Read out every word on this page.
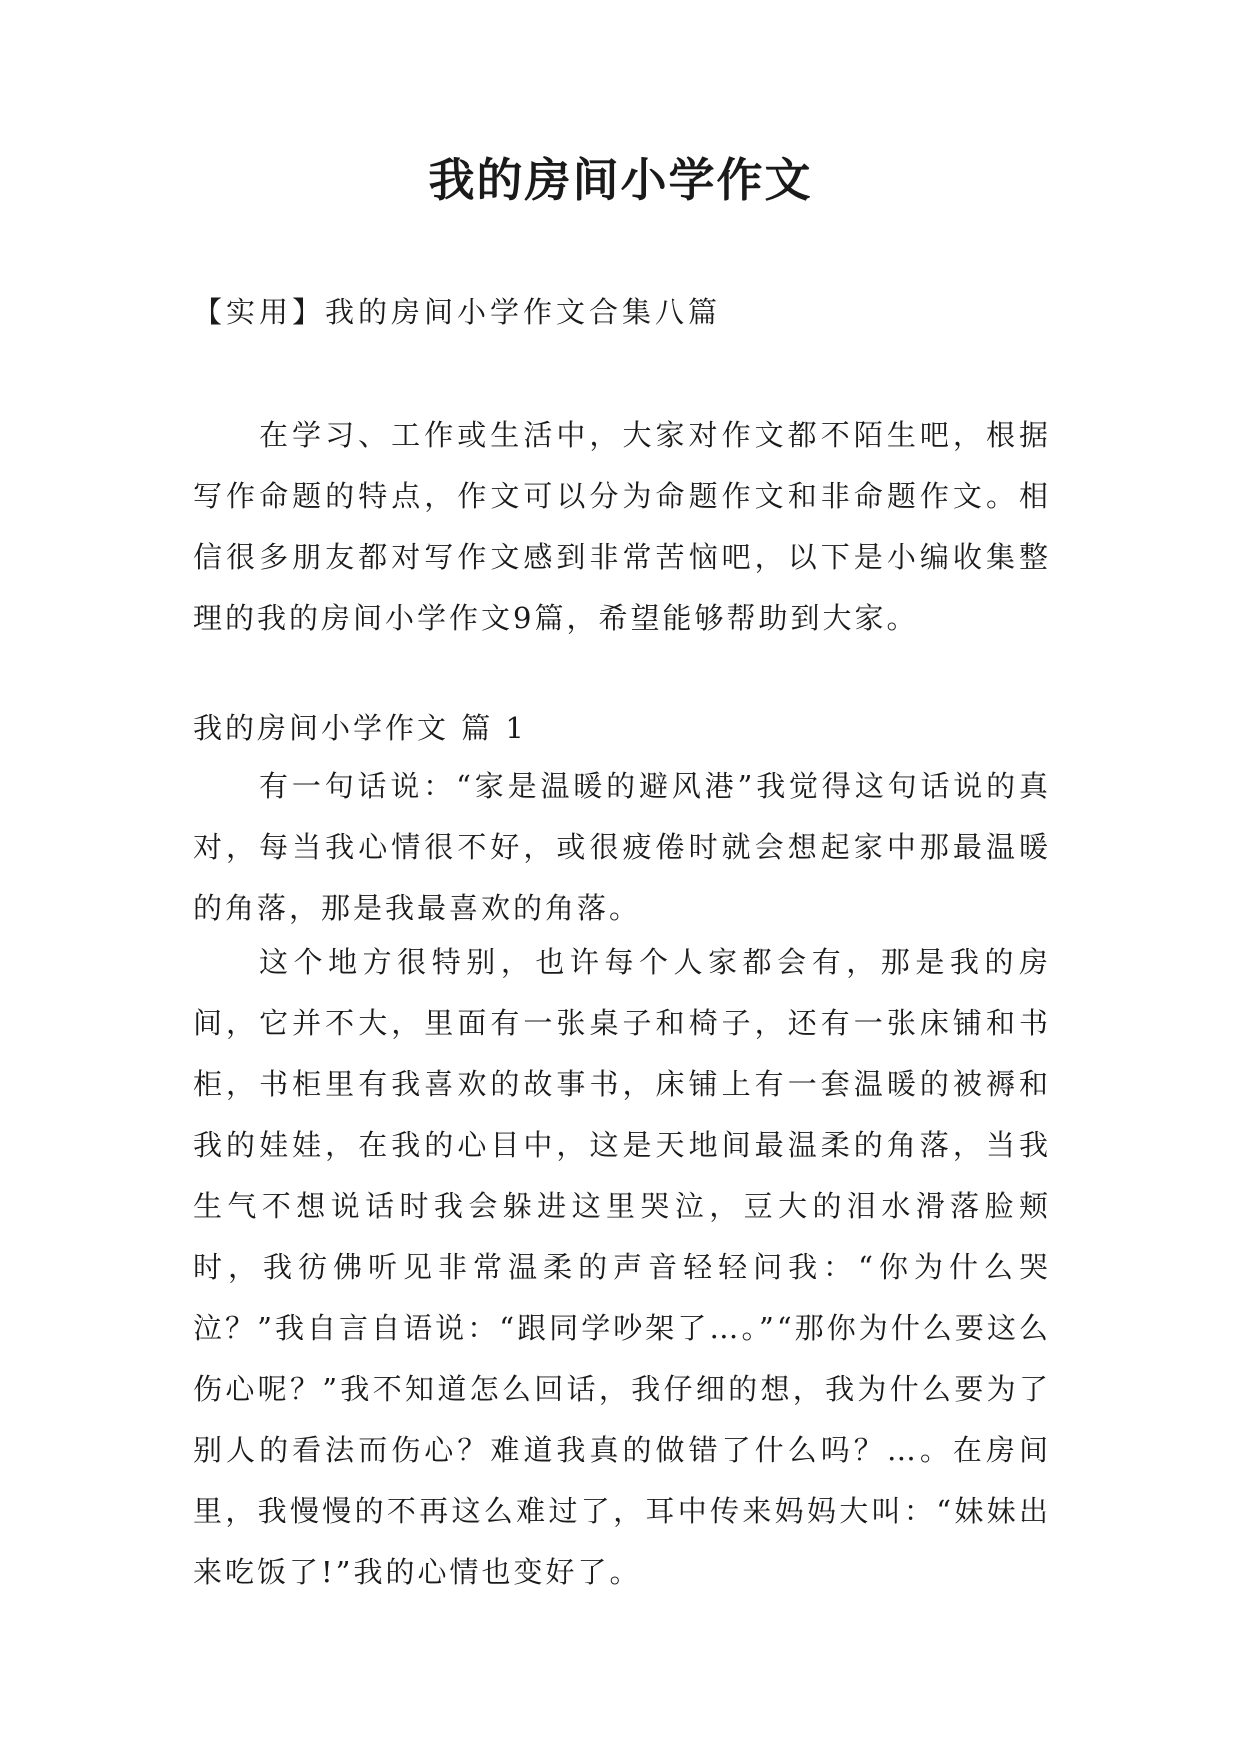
我的房间小学作文

【实用】我的房间小学作文合集八篇

在学习、工作或生活中，大家对作文都不陌生吧，根据写作命题的特点，作文可以分为命题作文和非命题作文。相信很多朋友都对写作文感到非常苦恼吧，以下是小编收集整理的我的房间小学作文9篇，希望能够帮助到大家。

我的房间小学作文 篇 1

有一句话说：“家是温暖的避风港”我觉得这句话说的真对，每当我心情很不好，或很疲倦时就会想起家中那最温暖的角落，那是我最喜欢的角落。

这个地方很特别，也许每个人家都会有，那是我的房间，它并不大，里面有一张桌子和椅子，还有一张床铺和书柜，书柜里有我喜欢的故事书，床铺上有一套温暖的被褥和我的娃娃，在我的心目中，这是天地间最温柔的角落，当我生气不想说话时我会躲进这里哭泣，豆大的泪水滑落脸颊时，我彷佛听见非常温柔的声音轻轻问我：“你为什么哭泣？”我自言自语说：“跟同学吵架了…。”“那你为什么要这么伤心呢？”我不知道怎么回话，我仔细的想，我为什么要为了别人的看法而伤心？难道我真的做错了什么吗？…。在房间里，我慢慢的不再这么难过了，耳中传来妈妈大叫：“妹妹出来吃饭了!”我的心情也变好了。
